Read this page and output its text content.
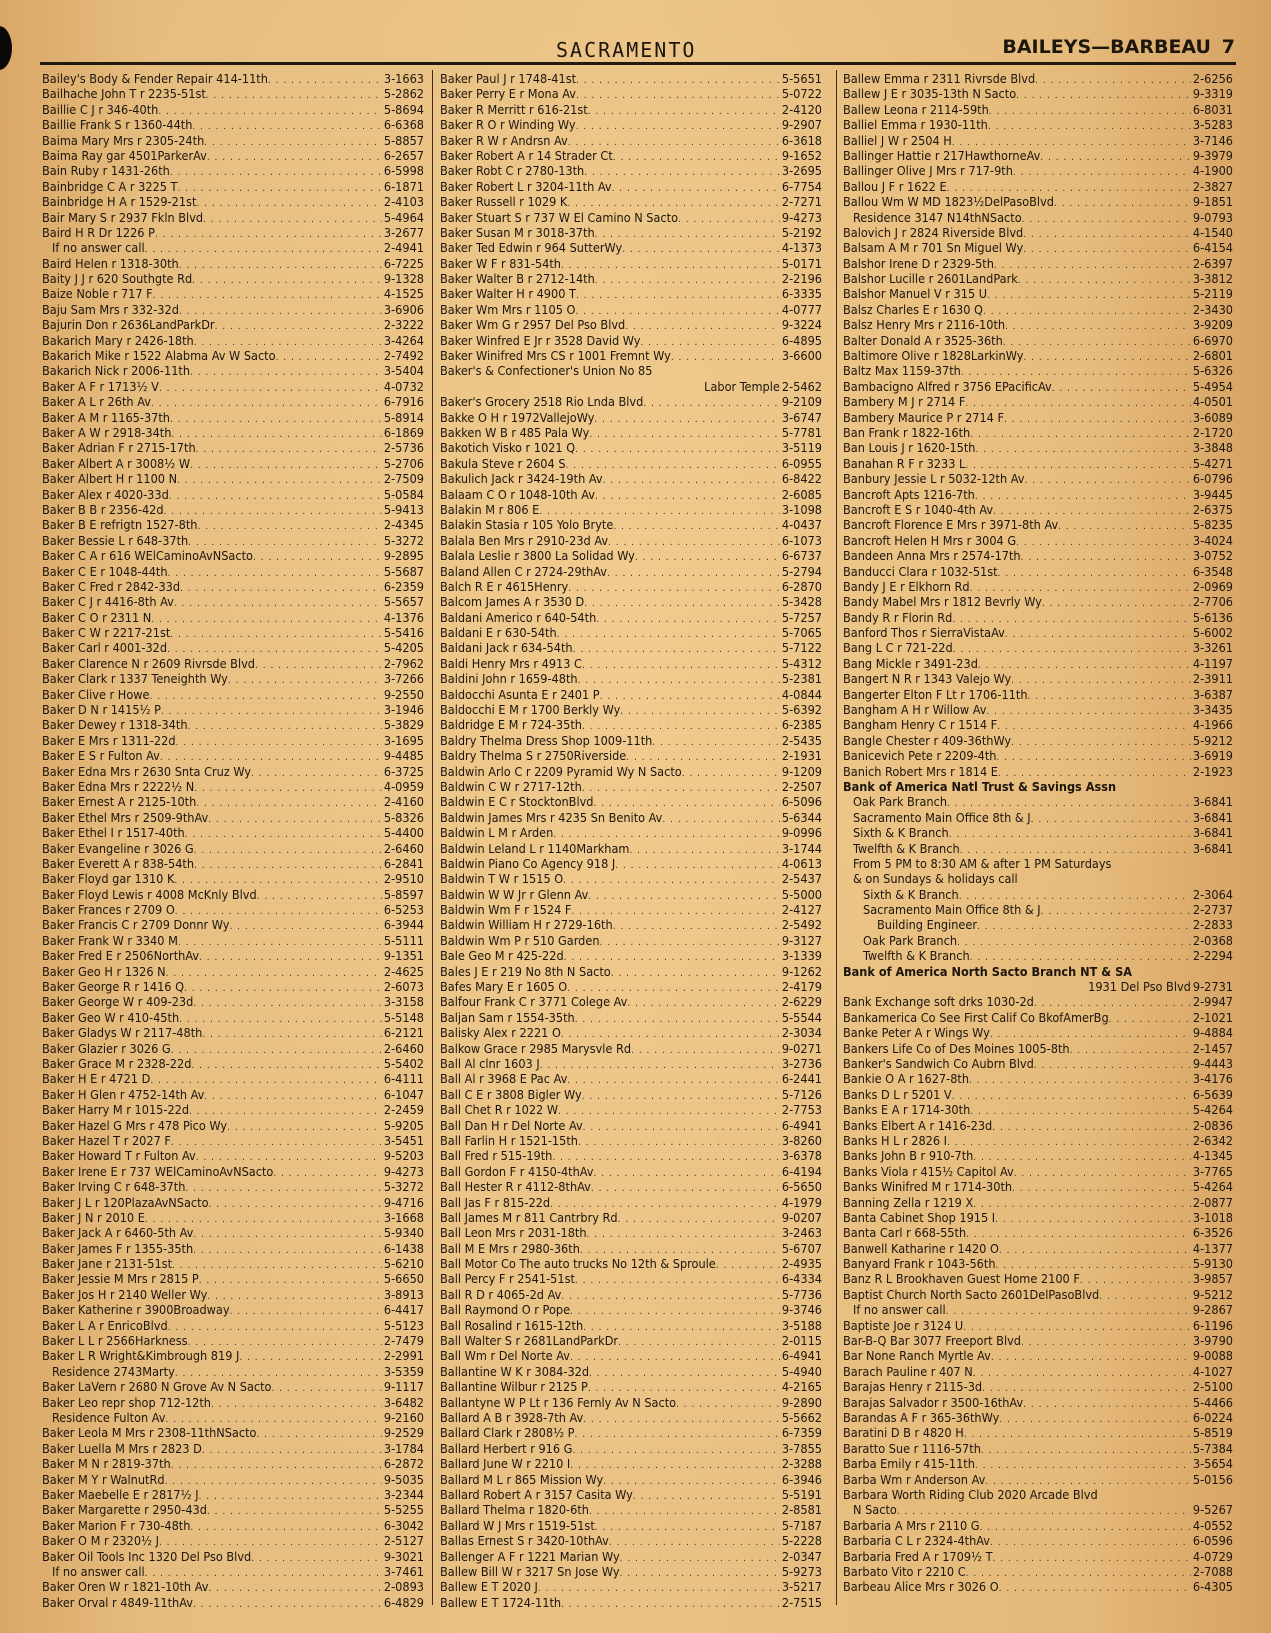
SACRAMENTO	BAILEYS—BARBEAU 7
Bailey's Body & Fender Repair 414-11th . . .	3-1663
Bailhache John T r 2235-51st . . .	5-2862
Baillie C J r 346-40th . . .	5-8694
Baillie Frank S r 1360-44th . . .	6-6368
Baima Mary Mrs r 2305-24th . . .	5-8857
Baima Ray gar 4501ParkerAv . . .	6-2657
Bain Ruby r 1431-26th . . .	6-5998
Bainbridge C A r 3225 T . . .	6-1871
Bainbridge H A r 1529-21st . . .	2-4103
Bair Mary S r 2937 Fkln Blvd . . .	5-4964
Baird H R Dr 1226 P . . .	3-2677
If no answer call . . .	2-4941
Baird Helen r 1318-30th . . .	6-7225
Baity J J r 620 Southgte Rd . . .	9-1328
Baize Noble r 717 F . . .	4-1525
Baju Sam Mrs r 332-32d . . .	3-6906
Bajurin Don r 2636LandParkDr . . .	2-3222
Bakarich Mary r 2426-18th . . .	3-4264
Bakarich Mike r 1522 Alabma Av W Sacto . . .	2-7492
Bakarich Nick r 2006-11th . . .	3-5404
Baker A F r 1713½ V . . .	4-0732
Baker A L r 26th Av . . .	6-7916
Baker A M r 1165-37th . . .	5-8914
Baker A W r 2918-34th . . .	6-1869
Baker Adrian F r 2715-17th . . .	2-5736
Baker Albert A r 3008½ W . . .	5-2706
Baker Albert H r 1100 N . . .	2-7509
Baker Alex r 4020-33d . . .	5-0584
Baker B B r 2356-42d . . .	5-9413
Baker B E refrigtn 1527-8th . . .	2-4345
Baker Bessie L r 648-37th . . .	5-3272
Baker C A r 616 WElCaminoAvNSacto . . .	9-2895
Baker C E r 1048-44th . . .	5-5687
Baker C Fred r 2842-33d . . .	6-2359
Baker C J r 4416-8th Av . . .	5-5657
Baker C O r 2311 N . . .	4-1376
Baker C W r 2217-21st . . .	5-5416
Baker Carl r 4001-32d . . .	5-4205
Baker Clarence N r 2609 Rivrsde Blvd . . .	2-7962
Baker Clark r 1337 Teneighth Wy . . .	3-7266
Baker Clive r Howe . . .	9-2550
Baker D N r 1415½ P . . .	3-1946
Baker Dewey r 1318-34th . . .	5-3829
Baker E Mrs r 1311-22d . . .	3-1695
Baker E S r Fulton Av . . .	9-4485
Baker Edna Mrs r 2630 Snta Cruz Wy . . .	6-3725
Baker Edna Mrs r 2222½ N . . .	4-0959
Baker Ernest A r 2125-10th . . .	2-4160
Baker Ethel Mrs r 2509-9thAv . . .	5-8326
Baker Ethel I r 1517-40th . . .	5-4400
Baker Evangeline r 3026 G . . .	2-6460
Baker Everett A r 838-54th . . .	6-2841
Baker Floyd gar 1310 K . . .	2-9510
Baker Floyd Lewis r 4008 McKnly Blvd . . .	5-8597
Baker Frances r 2709 O . . .	6-5253
Baker Francis C r 2709 Donnr Wy . . .	6-3944
Baker Frank W r 3340 M . . .	5-5111
Baker Fred E r 2506NorthAv . . .	9-1351
Baker Geo H r 1326 N . . .	2-4625
Baker George R r 1416 Q . . .	2-6073
Baker George W r 409-23d . . .	3-3158
Baker Geo W r 410-45th . . .	5-5148
Baker Gladys W r 2117-48th . . .	6-2121
Baker Glazier r 3026 G . . .	2-6460
Baker Grace M r 2328-22d . . .	5-5402
Baker H E r 4721 D . . .	6-4111
Baker H Glen r 4752-14th Av . . .	6-1047
Baker Harry M r 1015-22d . . .	2-2459
Baker Hazel G Mrs r 478 Pico Wy . . .	5-9205
Baker Hazel T r 2027 F . . .	3-5451
Baker Howard T r Fulton Av . . .	9-5203
Baker Irene E r 737 WElCaminoAvNSacto . . .	9-4273
Baker Irving C r 648-37th . . .	5-3272
Baker J L r 120PlazaAvNSacto . . .	9-4716
Baker J N r 2010 E . . .	3-1668
Baker Jack A r 6460-5th Av . . .	5-9340
Baker James F r 1355-35th . . .	6-1438
Baker Jane r 2131-51st . . .	5-6210
Baker Jessie M Mrs r 2815 P . . .	5-6650
Baker Jos H r 2140 Weller Wy . . .	3-8913
Baker Katherine r 3900Broadway . . .	6-4417
Baker L A r EnricoBlvd . . .	5-5123
Baker L L r 2566Harkness . . .	2-7479
Baker L R Wright&Kimbrough 819 J . . .	2-2991
Residence 2743Marty . . .	3-5359
Baker LaVern r 2680 N Grove Av N Sacto . . .	9-1117
Baker Leo repr shop 712-12th . . .	3-6482
Residence Fulton Av . . .	9-2160
Baker Leola M Mrs r 2308-11thNSacto . . .	9-2529
Baker Luella M Mrs r 2823 D . . .	3-1784
Baker M N r 2819-37th . . .	6-2872
Baker M Y r WalnutRd . . .	9-5035
Baker Maebelle E r 2817½ J . . .	3-2344
Baker Margarette r 2950-43d . . .	5-5255
Baker Marion F r 730-48th . . .	6-3042
Baker O M r 2320½ J . . .	2-5127
Baker Oil Tools Inc 1320 Del Pso Blvd . . .	9-3021
If no answer call . . .	3-7461
Baker Oren W r 1821-10th Av . . .	2-0893
Baker Orval r 4849-11thAv . . .	6-4829
Baker Paul J r 1748-41st . . .	5-5651
Baker Perry E r Mona Av . . .	5-0722
Baker R Merritt r 616-21st . . .	2-4120
Baker R O r Winding Wy . . .	9-2907
Baker R W r Andrsn Av . . .	6-3618
Baker Robert A r 14 Strader Ct . . .	9-1652
Baker Robt C r 2780-13th . . .	3-2695
Baker Robert L r 3204-11th Av . . .	6-7754
Baker Russell r 1029 K . . .	2-7271
Baker Stuart S r 737 W El Camino N Sacto . . .	9-4273
Baker Susan M r 3018-37th . . .	5-2192
Baker Ted Edwin r 964 SutterWy . . .	4-1373
Baker W F r 831-54th . . .	5-0171
Baker Walter B r 2712-14th . . .	2-2196
Baker Walter H r 4900 T . . .	6-3335
Baker Wm Mrs r 1105 O . . .	4-0777
Baker Wm G r 2957 Del Pso Blvd . . .	9-3224
Baker Winfred E Jr r 3528 David Wy . . .	6-4895
Baker Winifred Mrs CS r 1001 Fremnt Wy . . .	3-6600
Baker's & Confectioner's Union No 85
Labor Temple 2-5462
Baker's Grocery 2518 Rio Lnda Blvd . . .	9-2109
Bakke O H r 1972VallejoWy . . .	3-6747
Bakken W B r 485 Pala Wy . . .	5-7781
Bakotich Visko r 1021 Q . . .	3-5119
Bakula Steve r 2604 S . . .	6-0955
Bakulich Jack r 3424-19th Av . . .	6-8422
Balaam C O r 1048-10th Av . . .	2-6085
Balakin M r 806 E . . .	3-1098
Balakin Stasia r 105 Yolo Bryte . . .	4-0437
Balala Ben Mrs r 2910-23d Av . . .	6-1073
Balala Leslie r 3800 La Solidad Wy . . .	6-6737
Baland Allen C r 2724-29thAv . . .	5-2794
Balch R E r 4615Henry . . .	6-2870
Balcom James A r 3530 D . . .	5-3428
Baldani Americo r 640-54th . . .	5-7257
Baldani E r 630-54th . . .	5-7065
Baldani Jack r 634-54th . . .	5-7122
Baldi Henry Mrs r 4913 C . . .	5-4312
Baldini John r 1659-48th . . .	5-2381
Baldocchi Asunta E r 2401 P . . .	4-0844
Baldocchi E M r 1700 Berkly Wy . . .	5-6392
Baldridge E M r 724-35th . . .	6-2385
Baldry Thelma Dress Shop 1009-11th . . .	2-5435
Baldry Thelma S r 2750Riverside . . .	2-1931
Baldwin Arlo C r 2209 Pyramid Wy N Sacto . . .	9-1209
Baldwin C W r 2717-12th . . .	2-2507
Baldwin E C r StocktonBlvd . . .	6-5096
Baldwin James Mrs r 4235 Sn Benito Av . . .	5-6344
Baldwin L M r Arden . . .	9-0996
Baldwin Leland L r 1140Markham . . .	3-1744
Baldwin Piano Co Agency 918 J . . .	4-0613
Baldwin T W r 1515 O . . .	2-5437
Baldwin W W Jr r Glenn Av . . .	5-5000
Baldwin Wm F r 1524 F . . .	2-4127
Baldwin William H r 2729-16th . . .	2-5492
Baldwin Wm P r 510 Garden . . .	9-3127
Bale Geo M r 425-22d . . .	3-1339
Bales J E r 219 No 8th N Sacto . . .	9-1262
Bafes Mary E r 1605 O . . .	2-4179
Balfour Frank C r 3771 Colege Av . . .	2-6229
Baljan Sam r 1554-35th . . .	5-5544
Balisky Alex r 2221 O . . .	2-3034
Balkow Grace r 2985 Marysvle Rd . . .	9-0271
Ball Al clnr 1603 J . . .	3-2736
Ball Al r 3968 E Pac Av . . .	6-2441
Ball C E r 3808 Bigler Wy . . .	5-7126
Ball Chet R r 1022 W . . .	2-7753
Ball Dan H r Del Norte Av . . .	6-4941
Ball Farlin H r 1521-15th . . .	3-8260
Ball Fred r 515-19th . . .	3-6378
Ball Gordon F r 4150-4thAv . . .	6-4194
Ball Hester R r 4112-8thAv . . .	6-5650
Ball Jas F r 815-22d . . .	4-1979
Ball James M r 811 Cantrbry Rd . . .	9-0207
Ball Leon Mrs r 2031-18th . . .	3-2463
Ball M E Mrs r 2980-36th . . .	5-6707
Ball Motor Co The auto trucks No 12th & Sproule . . .	2-4935
Ball Percy F r 2541-51st . . .	6-4334
Ball R D r 4065-2d Av . . .	5-7736
Ball Raymond O r Pope . . .	9-3746
Ball Rosalind r 1615-12th . . .	3-5188
Ball Walter S r 2681LandParkDr . . .	2-0115
Ball Wm r Del Norte Av . . .	6-4941
Ballantine W K r 3084-32d . . .	5-4940
Ballantine Wilbur r 2125 P . . .	4-2165
Ballantyne W P Lt r 136 Fernly Av N Sacto . . .	9-2890
Ballard A B r 3928-7th Av . . .	5-5662
Ballard Clark r 2808½ P . . .	6-7359
Ballard Herbert r 916 G . . .	3-7855
Ballard June W r 2210 I . . .	2-3288
Ballard M L r 865 Mission Wy . . .	6-3946
Ballard Robert A r 3157 Casita Wy . . .	5-5191
Ballard Thelma r 1820-6th . . .	2-8581
Ballard W J Mrs r 1519-51st . . .	5-7187
Ballas Ernest S r 3420-10thAv . . .	5-2228
Ballenger A F r 1221 Marian Wy . . .	2-0347
Ballew Bill W r 3217 Sn Jose Wy . . .	5-9273
Ballew E T 2020 J . . .	3-5217
Ballew E T 1724-11th . . .	2-7515
Ballew Emma r 2311 Rivrsde Blvd . . .	2-6256
Ballew J E r 3035-13th N Sacto . . .	9-3319
Ballew Leona r 2114-59th . . .	6-8031
Balliel Emma r 1930-11th . . .	3-5283
Balliel J W r 2504 H . . .	3-7146
Ballinger Hattie r 217HawthorneAv . . .	9-3979
Ballinger Olive J Mrs r 717-9th . . .	4-1900
Ballou J F r 1622 E . . .	2-3827
Ballou Wm W MD 1823½DelPasoBlvd . . .	9-1851
Residence 3147 N14thNSacto . . .	9-0793
Balovich J r 2824 Riverside Blvd . . .	4-1540
Balsam A M r 701 Sn Miguel Wy . . .	6-4154
Balshor Irene D r 2329-5th . . .	2-6397
Balshor Lucille r 2601LandPark . . .	3-3812
Balshor Manuel V r 315 U . . .	5-2119
Balsz Charles E r 1630 Q . . .	2-3430
Balsz Henry Mrs r 2116-10th . . .	3-9209
Balter Donald A r 3525-36th . . .	6-6970
Baltimore Olive r 1828LarkinWy . . .	2-6801
Baltz Max 1159-37th . . .	5-6326
Bambacigno Alfred r 3756 EPacificAv . . .	5-4954
Bambery M J r 2714 F . . .	4-0501
Bambery Maurice P r 2714 F . . .	3-6089
Ban Frank r 1822-16th . . .	2-1720
Ban Louis J r 1620-15th . . .	3-3848
Banahan R F r 3233 L . . .	5-4271
Banbury Jessie L r 5032-12th Av . . .	6-0796
Bancroft Apts 1216-7th . . .	3-9445
Bancroft E S r 1040-4th Av . . .	2-6375
Bancroft Florence E Mrs r 3971-8th Av . . .	5-8235
Bancroft Helen H Mrs r 3004 G . . .	3-4024
Bandeen Anna Mrs r 2574-17th . . .	3-0752
Banducci Clara r 1032-51st . . .	6-3548
Bandy J E r Elkhorn Rd . . .	2-0969
Bandy Mabel Mrs r 1812 Bevrly Wy . . .	2-7706
Bandy R r Florin Rd . . .	5-6136
Banford Thos r SierraVistaAv . . .	5-6002
Bang L C r 721-22d . . .	3-3261
Bang Mickle r 3491-23d . . .	4-1197
Bangert N R r 1343 Valejo Wy . . .	2-3911
Bangerter Elton F Lt r 1706-11th . . .	3-6387
Bangham A H r Willow Av . . .	3-3435
Bangham Henry C r 1514 F . . .	4-1966
Bangle Chester r 409-36thWy . . .	5-9212
Banicevich Pete r 2209-4th . . .	3-6919
Banich Robert Mrs r 1814 E . . .	2-1923
Bank of America Natl Trust & Savings Assn
Oak Park Branch . . .	3-6841
Sacramento Main Office 8th & J . . .	3-6841
Sixth & K Branch . . .	3-6841
Twelfth & K Branch . . .	3-6841
From 5 PM to 8:30 AM & after 1 PM Saturdays
& on Sundays & holidays call
Sixth & K Branch . . .	2-3064
Sacramento Main Office 8th & J . . .	2-2737
Building Engineer . . .	2-2833
Oak Park Branch . . .	2-0368
Twelfth & K Branch . . .	2-2294
Bank of America North Sacto Branch NT & SA
1931 Del Pso Blvd 9-2731
Bank Exchange soft drks 1030-2d . . .	2-9947
Bankamerica Co See First Calif Co BkofAmerBg . . .	2-1021
Banke Peter A r Wings Wy . . .	9-4884
Bankers Life Co of Des Moines 1005-8th . . .	2-1457
Banker's Sandwich Co Aubrn Blvd . . .	9-4443
Bankie O A r 1627-8th . . .	3-4176
Banks D L r 5201 V . . .	6-5639
Banks E A r 1714-30th . . .	5-4264
Banks Elbert A r 1416-23d . . .	2-0836
Banks H L r 2826 I . . .	2-6342
Banks John B r 910-7th . . .	4-1345
Banks Viola r 415½ Capitol Av . . .	3-7765
Banks Winifred M r 1714-30th . . .	5-4264
Banning Zella r 1219 X . . .	2-0877
Banta Cabinet Shop 1915 I . . .	3-1018
Banta Carl r 668-55th . . .	6-3526
Banwell Katharine r 1420 O . . .	4-1377
Banyard Frank r 1043-56th . . .	5-9130
Banz R L Brookhaven Guest Home 2100 F . . .	3-9857
Baptist Church North Sacto 2601DelPasoBlvd . . .	9-5212
If no answer call . . .	9-2867
Baptiste Joe r 3124 U . . .	6-1196
Bar-B-Q Bar 3077 Freeport Blvd . . .	3-9790
Bar None Ranch Myrtle Av . . .	9-0088
Barach Pauline r 407 N . . .	4-1027
Barajas Henry r 2115-3d . . .	2-5100
Barajas Salvador r 3500-16thAv . . .	5-4466
Barandas A F r 365-36thWy . . .	6-0224
Baratini D B r 4820 H . . .	5-8519
Baratto Sue r 1116-57th . . .	5-7384
Barba Emily r 415-11th . . .	3-5654
Barba Wm r Anderson Av . . .	5-0156
Barbara Worth Riding Club 2020 Arcade Blvd
N Sacto . . .	9-5267
Barbaria A Mrs r 2110 G . . .	4-0552
Barbaria C L r 2324-4thAv . . .	6-0596
Barbaria Fred A r 1709½ T . . .	4-0729
Barbato Vito r 2210 C . . .	2-7088
Barbeau Alice Mrs r 3026 O . . .	6-4305
